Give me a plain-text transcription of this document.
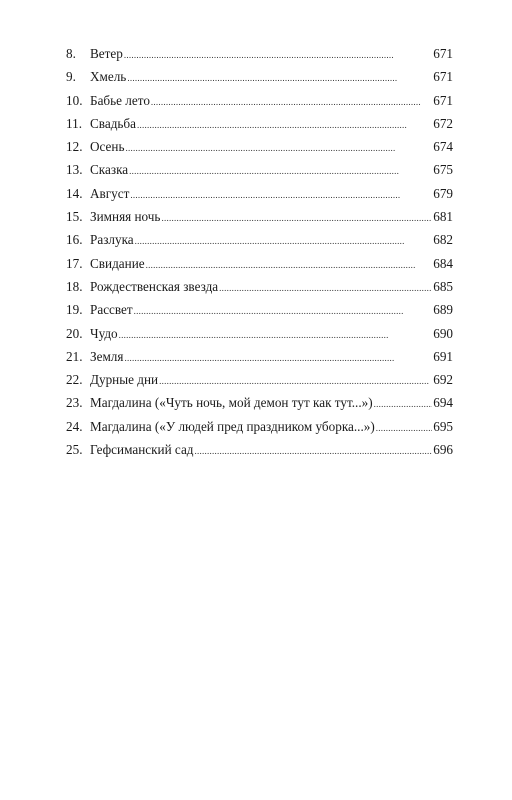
8.	Ветер . . .	671
9.	Хмель . . .	671
10. Бабье лето . . .	671
11. Свадьба . . .	672
12. Осень . . .	674
13. Сказка . . .	675
14. Август . . .	679
15. Зимняя ночь . . .	681
16. Разлука . . .	682
17. Свидание . . .	684
18. Рождественская звезда . . .	685
19. Рассвет . . .	689
20. Чудо . . .	690
21. Земля . . .	691
22. Дурные дни . . .	692
23. Магдалина («Чуть ночь, мой демон тут как тут...») . . .	694
24. Магдалина («У людей пред праздником уборка...») . . .	695
25. Гефсиманский сад . . .	696
